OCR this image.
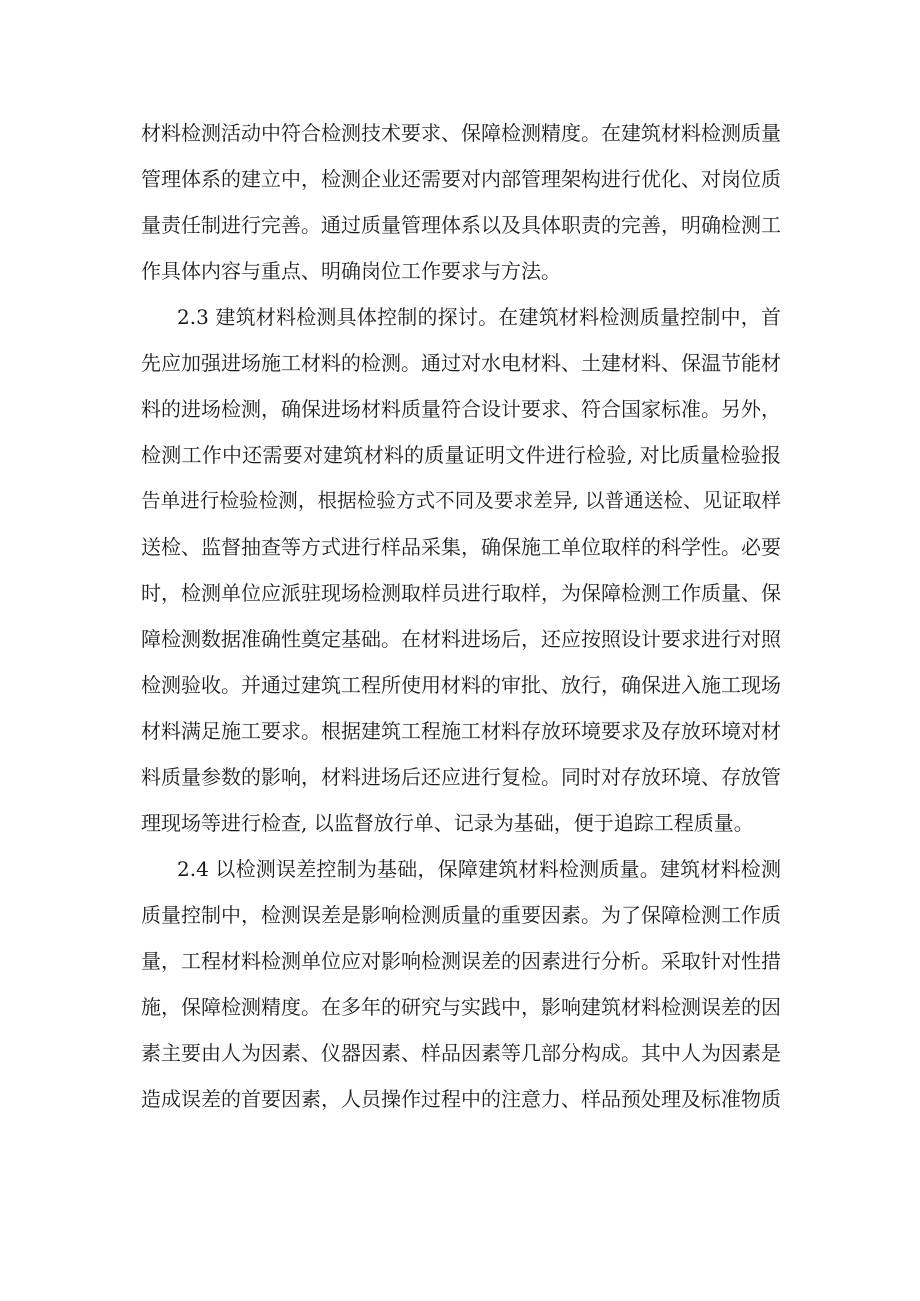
材料检测活动中符合检测技术要求、保障检测精度。在建筑材料检测质量
管理体系的建立中，检测企业还需要对内部管理架构进行优化、对岗位质
量责任制进行完善。通过质量管理体系以及具体职责的完善，明确检测工
作具体内容与重点、明确岗位工作要求与方法。
2.3 建筑材料检测具体控制的探讨。在建筑材料检测质量控制中，首
先应加强进场施工材料的检测。通过对水电材料、土建材料、保温节能材
料的进场检测，确保进场材料质量符合设计要求、符合国家标准。另外，
检测工作中还需要对建筑材料的质量证明文件进行检验, 对比质量检验报
告单进行检验检测，根据检验方式不同及要求差异, 以普通送检、见证取样
送检、监督抽查等方式进行样品采集，确保施工单位取样的科学性。必要
时，检测单位应派驻现场检测取样员进行取样，为保障检测工作质量、保
障检测数据准确性奠定基础。在材料进场后，还应按照设计要求进行对照
检测验收。并通过建筑工程所使用材料的审批、放行，确保进入施工现场
材料满足施工要求。根据建筑工程施工材料存放环境要求及存放环境对材
料质量参数的影响，材料进场后还应进行复检。同时对存放环境、存放管
理现场等进行检查, 以监督放行单、记录为基础，便于追踪工程质量。
2.4 以检测误差控制为基础，保障建筑材料检测质量。建筑材料检测
质量控制中，检测误差是影响检测质量的重要因素。为了保障检测工作质
量，工程材料检测单位应对影响检测误差的因素进行分析。采取针对性措
施，保障检测精度。在多年的研究与实践中，影响建筑材料检测误差的因
素主要由人为因素、仪器因素、样品因素等几部分构成。其中人为因素是
造成误差的首要因素，人员操作过程中的注意力、样品预处理及标准物质
